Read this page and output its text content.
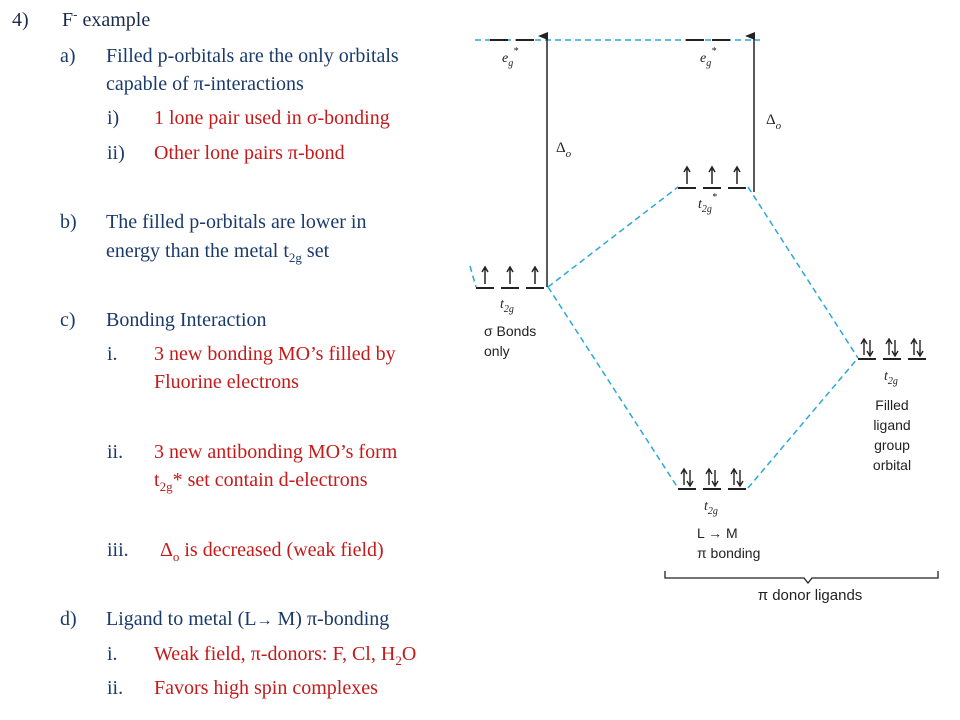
4) F- example
a) Filled p-orbitals are the only orbitals
capable of π-interactions
i) 1 lone pair used in σ-bonding
ii) Other lone pairs π-bond
b) The filled p-orbitals are lower in
energy than the metal $t_{2g}$ set
c) Bonding Interaction
i. 3 new bonding MO’s filled by
Fluorine electrons
ii. 3 new antibonding MO’s form
$t_{2g}*$ set contain d-electrons
iii. $\Delta_o$ is decreased (weak field)
d) Ligand to metal (L→ M) π-bonding
i. Weak field, π-donors: F, Cl, $H_2O$
ii. Favors high spin complexes
$e_g^*$	$e_g^*$
$\Delta_o$
$\Delta_o$
$t_{2g}^*$
$t_{2g}$
σ Bonds
only
$t_{2g}$
Filled
ligand
group
orbital
$t_{2g}$
L → M
π bonding
π donor ligands
